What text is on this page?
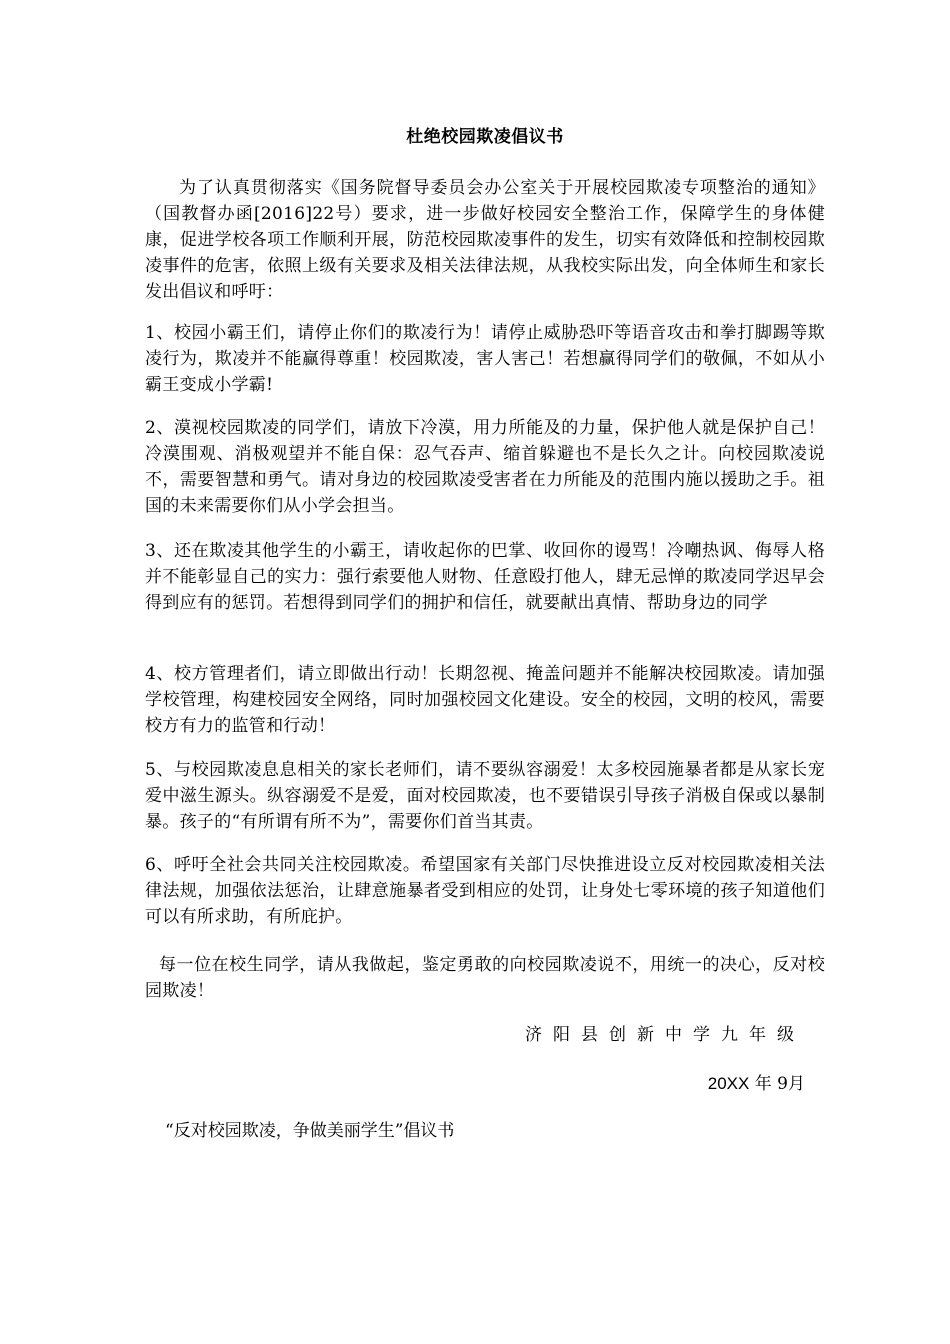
杜绝校园欺凌倡议书
为了认真贯彻落实《国务院督导委员会办公室关于开展校园欺凌专项整治的通知》（国教督办函[2016]22号）要求，进一步做好校园安全整治工作，保障学生的身体健康，促进学校各项工作顺利开展，防范校园欺凌事件的发生，切实有效降低和控制校园欺凌事件的危害，依照上级有关要求及相关法律法规，从我校实际出发，向全体师生和家长发出倡议和呼吁：
1、校园小霸王们，请停止你们的欺凌行为！请停止威胁恐吓等语音攻击和拳打脚踢等欺凌行为，欺凌并不能赢得尊重！校园欺凌，害人害己！若想赢得同学们的敬佩，不如从小霸王变成小学霸!
2、漠视校园欺凌的同学们，请放下冷漠，用力所能及的力量，保护他人就是保护自己！冷漠围观、消极观望并不能自保：忍气吞声、缩首躲避也不是长久之计。向校园欺凌说不，需要智慧和勇气。请对身边的校园欺凌受害者在力所能及的范围内施以援助之手。祖国的未来需要你们从小学会担当。
3、还在欺凌其他学生的小霸王，请收起你的巴掌、收回你的谩骂！冷嘲热讽、侮辱人格并不能彰显自己的实力：强行索要他人财物、任意殴打他人，肆无忌惮的欺凌同学迟早会得到应有的惩罚。若想得到同学们的拥护和信任，就要献出真情、帮助身边的同学
4、校方管理者们，请立即做出行动！长期忽视、掩盖问题并不能解决校园欺凌。请加强学校管理，构建校园安全网络，同时加强校园文化建设。安全的校园，文明的校风，需要校方有力的监管和行动！
5、与校园欺凌息息相关的家长老师们，请不要纵容溺爱！太多校园施暴者都是从家长宠爱中滋生源头。纵容溺爱不是爱，面对校园欺凌，也不要错误引导孩子消极自保或以暴制暴。孩子的“有所谓有所不为”，需要你们首当其责。
6、呼吁全社会共同关注校园欺凌。希望国家有关部门尽快推进设立反对校园欺凌相关法律法规，加强依法惩治，让肆意施暴者受到相应的处罚，让身处七零环境的孩子知道他们可以有所求助，有所庇护。
每一位在校生同学，请从我做起，鉴定勇敢的向校园欺凌说不，用统一的决心，反对校园欺凌！
济阳县创新中学九年级
20XX 年 9月
“反对校园欺凌，争做美丽学生”倡议书
